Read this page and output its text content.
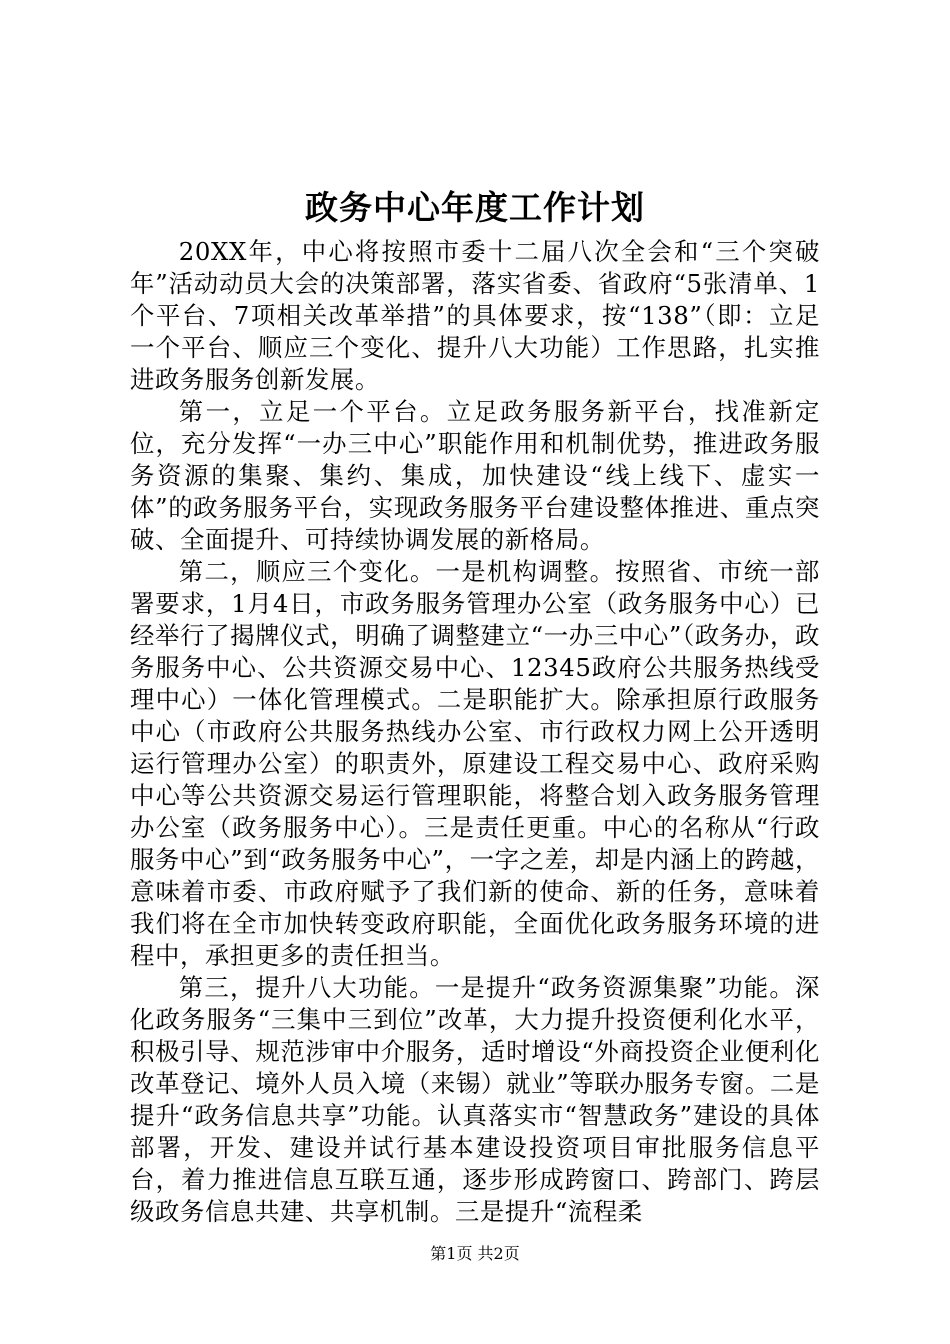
政务中心年度工作计划

20XX年，中心将按照市委十二届八次全会和“三个突破年”活动动员大会的决策部署，落实省委、省政府“5张清单、1个平台、7项相关改革举措”的具体要求，按“138”（即：立足一个平台、顺应三个变化、提升八大功能）工作思路，扎实推进政务服务创新发展。

第一，立足一个平台。立足政务服务新平台，找准新定位，充分发挥“一办三中心”职能作用和机制优势，推进政务服务资源的集聚、集约、集成，加快建设“线上线下、虚实一体”的政务服务平台，实现政务服务平台建设整体推进、重点突破、全面提升、可持续协调发展的新格局。

第二，顺应三个变化。一是机构调整。按照省、市统一部署要求，1月4日，市政务服务管理办公室（政务服务中心）已经举行了揭牌仪式，明确了调整建立“一办三中心”（政务办，政务服务中心、公共资源交易中心、12345政府公共服务热线受理中心）一体化管理模式。二是职能扩大。除承担原行政服务中心（市政府公共服务热线办公室、市行政权力网上公开透明运行管理办公室）的职责外，原建设工程交易中心、政府采购中心等公共资源交易运行管理职能，将整合划入政务服务管理办公室（政务服务中心）。三是责任更重。中心的名称从“行政服务中心”到“政务服务中心”，一字之差，却是内涵上的跨越，意味着市委、市政府赋予了我们新的使命、新的任务，意味着我们将在全市加快转变政府职能，全面优化政务服务环境的进程中，承担更多的责任担当。

第三，提升八大功能。一是提升“政务资源集聚”功能。深化政务服务“三集中三到位”改革，大力提升投资便利化水平，积极引导、规范涉审中介服务，适时增设“外商投资企业便利化改革登记、境外人员入境（来锡）就业”等联办服务专窗。二是提升“政务信息共享”功能。认真落实市“智慧政务”建设的具体部署，开发、建设并试行基本建设投资项目审批服务信息平台，着力推进信息互联互通，逐步形成跨窗口、跨部门、跨层级政务信息共建、共享机制。三是提升“流程柔

第1页 共2页
